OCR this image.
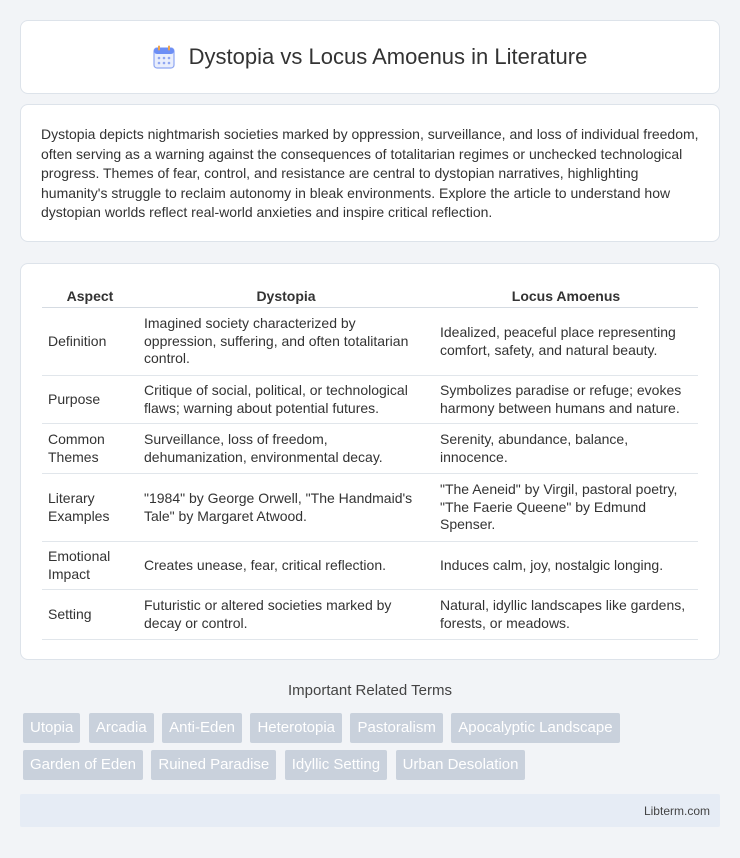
Dystopia vs Locus Amoenus in Literature

Dystopia depicts nightmarish societies marked by oppression, surveillance, and loss of individual freedom, often serving as a warning against the consequences of totalitarian regimes or unchecked technological progress. Themes of fear, control, and resistance are central to dystopian narratives, highlighting humanity's struggle to reclaim autonomy in bleak environments. Explore the article to understand how dystopian worlds reflect real-world anxieties and inspire critical reflection.

Aspect	Dystopia	Locus Amoenus
Definition	Imagined society characterized by oppression, suffering, and often totalitarian control.	Idealized, peaceful place representing comfort, safety, and natural beauty.
Purpose	Critique of social, political, or technological flaws; warning about potential futures.	Symbolizes paradise or refuge; evokes harmony between humans and nature.
Common Themes	Surveillance, loss of freedom, dehumanization, environmental decay.	Serenity, abundance, balance, innocence.
Literary Examples	"1984" by George Orwell, "The Handmaid's Tale" by Margaret Atwood.	"The Aeneid" by Virgil, pastoral poetry, "The Faerie Queene" by Edmund Spenser.
Emotional Impact	Creates unease, fear, critical reflection.	Induces calm, joy, nostalgic longing.
Setting	Futuristic or altered societies marked by decay or control.	Natural, idyllic landscapes like gardens, forests, or meadows.
Important Related Terms
Utopia Arcadia Anti-Eden Heterotopia Pastoralism Apocalyptic Landscape Garden of Eden Ruined Paradise Idyllic Setting Urban Desolation
Libterm.com
